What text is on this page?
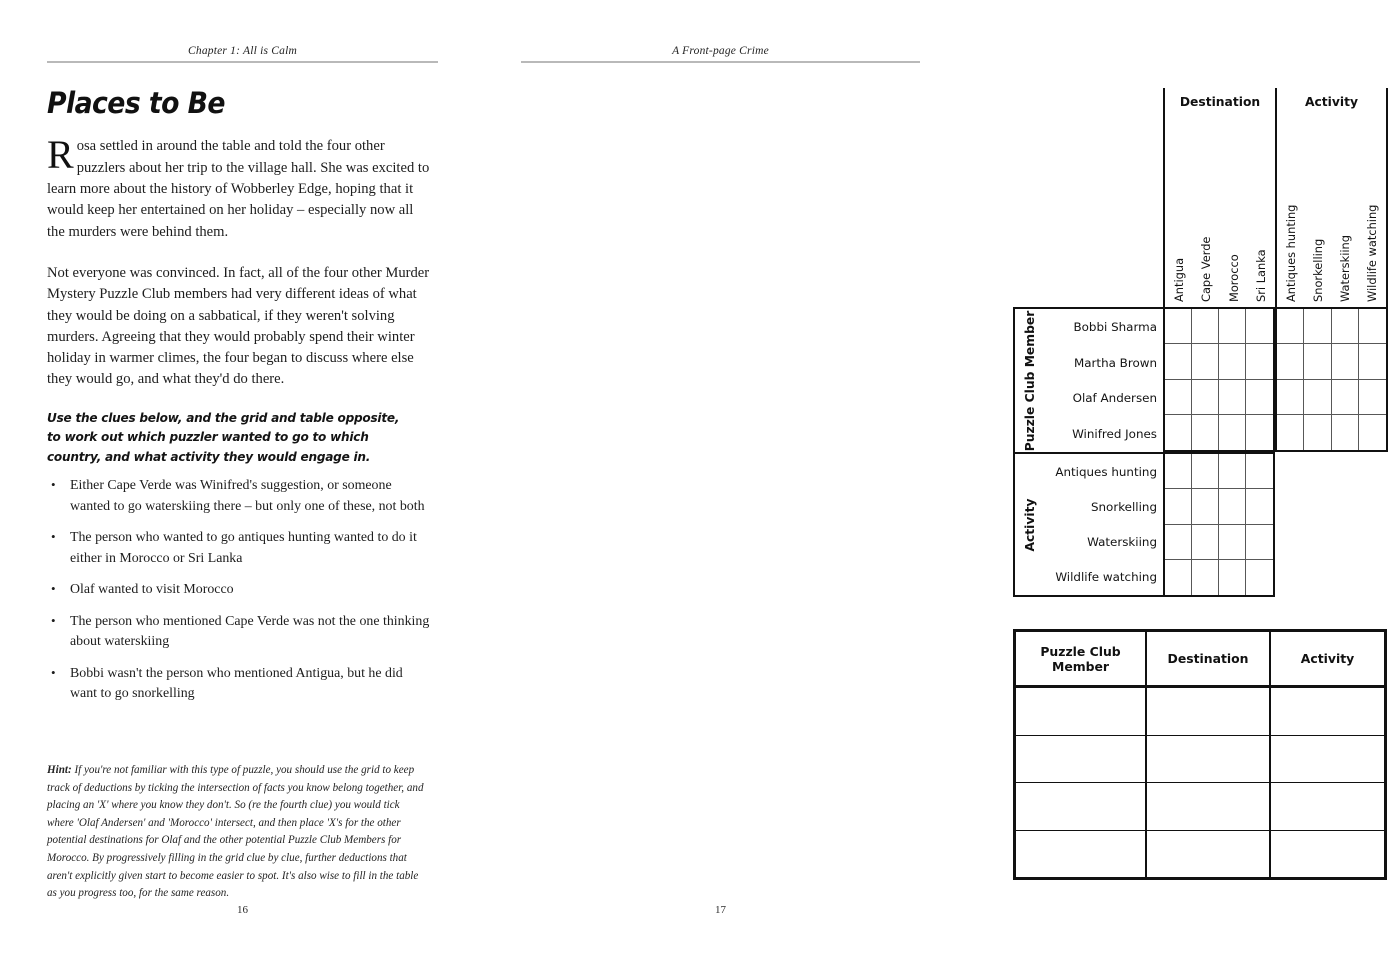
Chapter 1: All is Calm
Places to Be

Rosa settled in around the table and told the four other puzzlers about her trip to the village hall. She was excited to learn more about the history of Wobberley Edge, hoping that it would keep her entertained on her holiday – especially now all the murders were behind them.

Not everyone was convinced. In fact, all of the four other Murder Mystery Puzzle Club members had very different ideas of what they would be doing on a sabbatical, if they weren't solving murders. Agreeing that they would probably spend their winter holiday in warmer climes, the four began to discuss where else they would go, and what they'd do there.

Use the clues below, and the grid and table opposite, to work out which puzzler wanted to go to which country, and what activity they would engage in.

• Either Cape Verde was Winifred's suggestion, or someone wanted to go waterskiing there – but only one of these, not both
• The person who wanted to go antiques hunting wanted to do it either in Morocco or Sri Lanka
• Olaf wanted to visit Morocco
• The person who mentioned Cape Verde was not the one thinking about waterskiing
• Bobbi wasn't the person who mentioned Antigua, but he did want to go snorkelling
Hint: If you're not familiar with this type of puzzle, you should use the grid to keep track of deductions by ticking the intersection of facts you know belong together, and placing an 'X' where you know they don't. So (re the fourth clue) you would tick where 'Olaf Andersen' and 'Morocco' intersect, and then place 'X's for the other potential destinations for Olaf and the other potential Puzzle Club Members for Morocco. By progressively filling in the grid clue by clue, further deductions that aren't explicitly given start to become easier to spot. It's also wise to fill in the table as you progress too, for the same reason.
16
A Front-page Crime
Destination
Antigua Cape Verde Morocco Sri Lanka
Activity
Antiques hunting Snorkelling Waterskiing Wildlife watching
Puzzle Club Member	Bobbi Sharma
Martha Brown
Olaf Andersen
Winifred Jones
Activity
Antiques hunting
Snorkelling
Waterskiing
Wildlife watching
Puzzle Club Member	Destination	Activity
17
